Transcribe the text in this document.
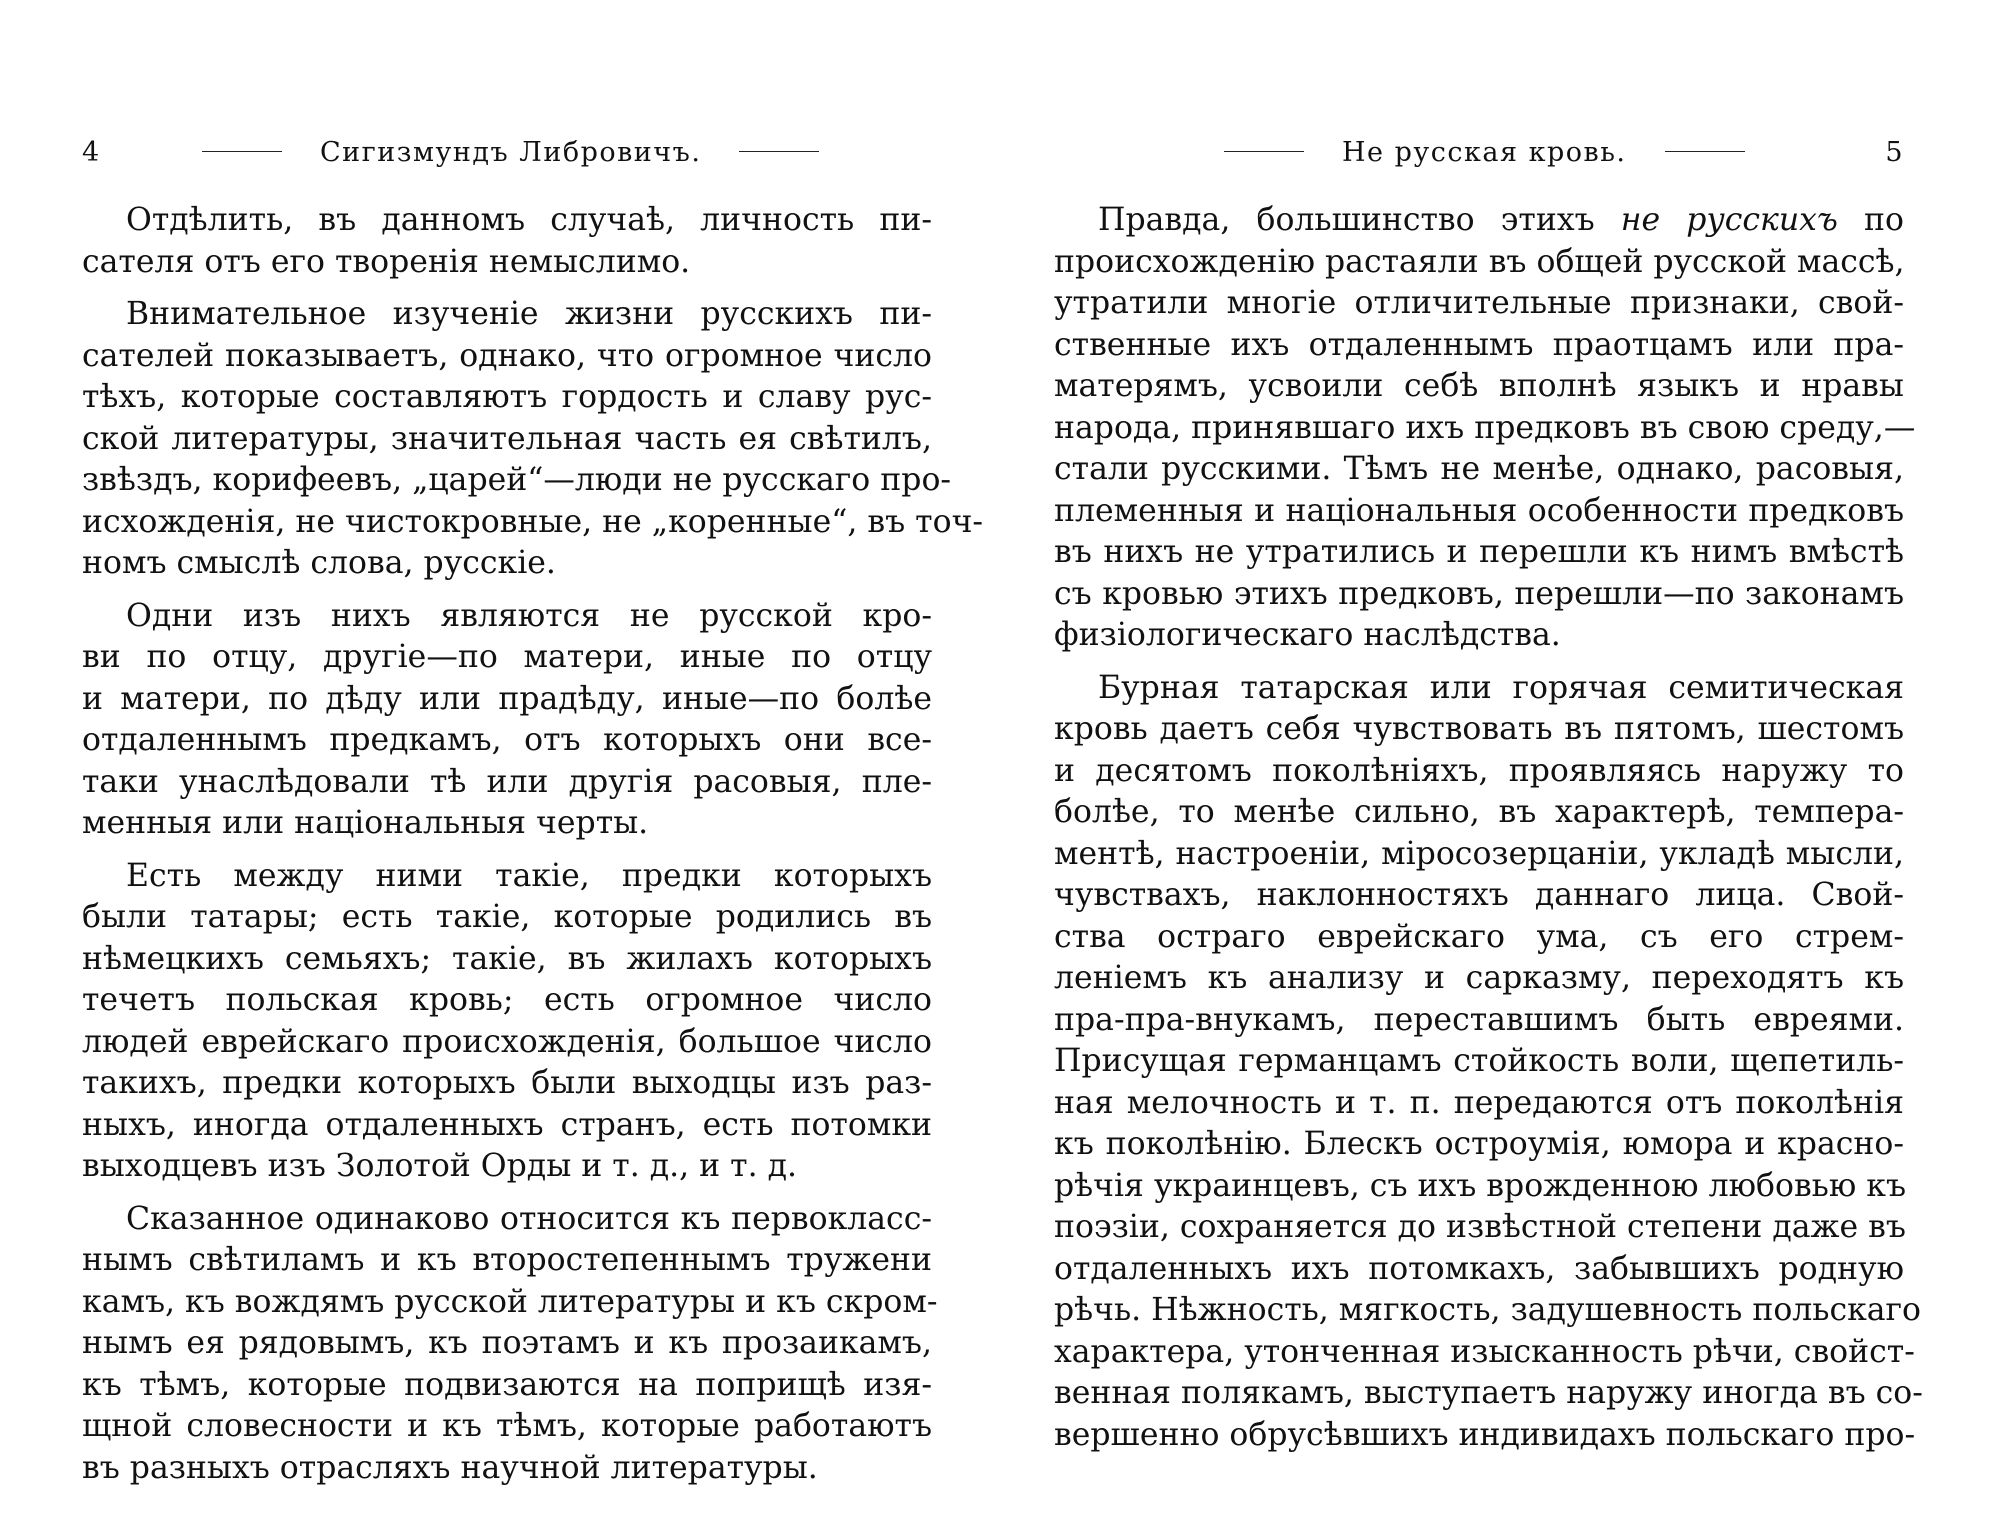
4	Сигизмундъ Либровичъ.
Отдѣлить, въ данномъ случаѣ, личность пи-
сателя отъ его творенія немыслимо.
Внимательное изученіе жизни русскихъ пи-
сателей показываетъ, однако, что огромное число
тѣхъ, которые составляютъ гордость и славу рус-
ской литературы, значительная часть ея свѣтилъ,
звѣздъ, корифеевъ, „царей“—люди не русскаго про-
исхожденія, не чистокровные, не „коренные“, въ точ-
номъ смыслѣ слова, русскіе.
Одни изъ нихъ являются не русской кро-
ви по отцу, другіе—по матери, иные по отцу
и матери, по дѣду или прадѣду, иные—по болѣе
отдаленнымъ предкамъ, отъ которыхъ они все-
таки унаслѣдовали тѣ или другія расовыя, пле-
менныя или національныя черты.
Есть между ними такіе, предки которыхъ
были татары; есть такіе, которые родились въ
нѣмецкихъ семьяхъ; такіе, въ жилахъ которыхъ
течетъ польская кровь; есть огромное число
людей еврейскаго происхожденія, большое число
такихъ, предки которыхъ были выходцы изъ раз-
ныхъ, иногда отдаленныхъ странъ, есть потомки
выходцевъ изъ Золотой Орды и т. д., и т. д.
Сказанное одинаково относится къ первокласс-
нымъ свѣтиламъ и къ второстепеннымъ тружени
камъ, къ вождямъ русской литературы и къ скром-
нымъ ея рядовымъ, къ поэтамъ и къ прозаикамъ,
къ тѣмъ, которые подвизаются на поприщѣ изя-
щной словесности и къ тѣмъ, которые работаютъ
въ разныхъ отрасляхъ научной литературы.
Не русская кровь.	5
Правда, большинство этихъ не русскихъ по
происхожденію растаяли въ общей русской массѣ,
утратили многіе отличительные признаки, свой-
ственные ихъ отдаленнымъ праотцамъ или пра-
матерямъ, усвоили себѣ вполнѣ языкъ и нравы
народа, принявшаго ихъ предковъ въ свою среду,—
стали русскими. Тѣмъ не менѣе, однако, расовыя,
племенныя и національныя особенности предковъ
въ нихъ не утратились и перешли къ нимъ вмѣстѣ
съ кровью этихъ предковъ, перешли—по законамъ
физіологическаго наслѣдства.
Бурная татарская или горячая семитическая
кровь даетъ себя чувствовать въ пятомъ, шестомъ
и десятомъ поколѣніяхъ, проявляясь наружу то
болѣе, то менѣе сильно, въ характерѣ, темпера-
ментѣ, настроеніи, міросозерцаніи, укладѣ мысли,
чувствахъ, наклонностяхъ даннаго лица. Свой-
ства остраго еврейскаго ума, съ его стрем-
леніемъ къ анализу и сарказму, переходятъ къ
пра-пра-внукамъ, переставшимъ быть евреями.
Присущая германцамъ стойкость воли, щепетиль-
ная мелочность и т. п. передаются отъ поколѣнія
къ поколѣнію. Блескъ остроумія, юмора и красно-
рѣчія украинцевъ, съ ихъ врожденною любовью къ
поэзіи, сохраняется до извѣстной степени даже въ
отдаленныхъ ихъ потомкахъ, забывшихъ родную
рѣчь. Нѣжность, мягкость, задушевность польскаго
характера, утонченная изысканность рѣчи, свойст-
венная полякамъ, выступаетъ наружу иногда въ со-
вершенно обрусѣвшихъ индивидахъ польскаго про-
